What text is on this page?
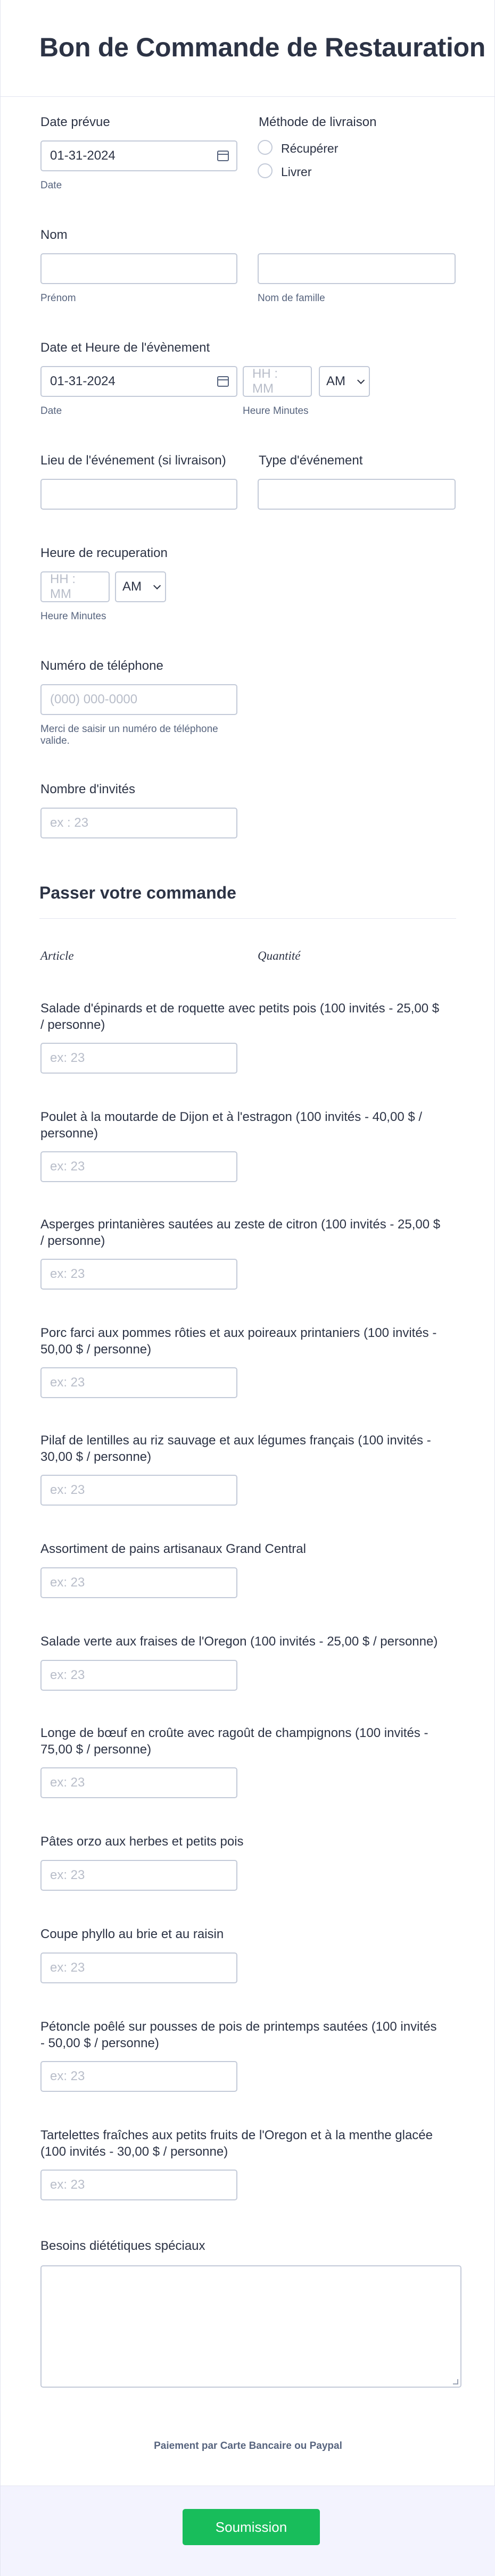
Bon de Commande de Restauration
Date prévue
01-31-2024
Date
Méthode de livraison
Récupérer
Livrer
Nom
Prénom	Nom de famille
Date et Heure de l'évènement
01-31-2024
HH : MM
AM
Date	Heure Minutes
Lieu de l'événement (si livraison)	Type d'événement
Heure de recuperation
HH : MM
AM
Heure Minutes
Numéro de téléphone
(000) 000-0000
Merci de saisir un numéro de téléphone
valide.
Nombre d'invités
ex : 23
Passer votre commande
Article	Quantité
Salade d'épinards et de roquette avec petits pois (100 invités - 25,00 $
/ personne)
ex: 23
Poulet à la moutarde de Dijon et à l'estragon (100 invités - 40,00 $ /
personne)
ex: 23
Asperges printanières sautées au zeste de citron (100 invités - 25,00 $
/ personne)
ex: 23
Porc farci aux pommes rôties et aux poireaux printaniers (100 invités -
50,00 $ / personne)
ex: 23
Pilaf de lentilles au riz sauvage et aux légumes français (100 invités -
30,00 $ / personne)
ex: 23
Assortiment de pains artisanaux Grand Central
ex: 23
Salade verte aux fraises de l'Oregon (100 invités - 25,00 $ / personne)
ex: 23
Longe de bœuf en croûte avec ragoût de champignons (100 invités -
75,00 $ / personne)
ex: 23
Pâtes orzo aux herbes et petits pois
ex: 23
Coupe phyllo au brie et au raisin
ex: 23
Pétoncle poêlé sur pousses de pois de printemps sautées (100 invités
- 50,00 $ / personne)
ex: 23
Tartelettes fraîches aux petits fruits de l'Oregon et à la menthe glacée
(100 invités - 30,00 $ / personne)
ex: 23
Besoins diététiques spéciaux
Paiement par Carte Bancaire ou Paypal
Soumission
